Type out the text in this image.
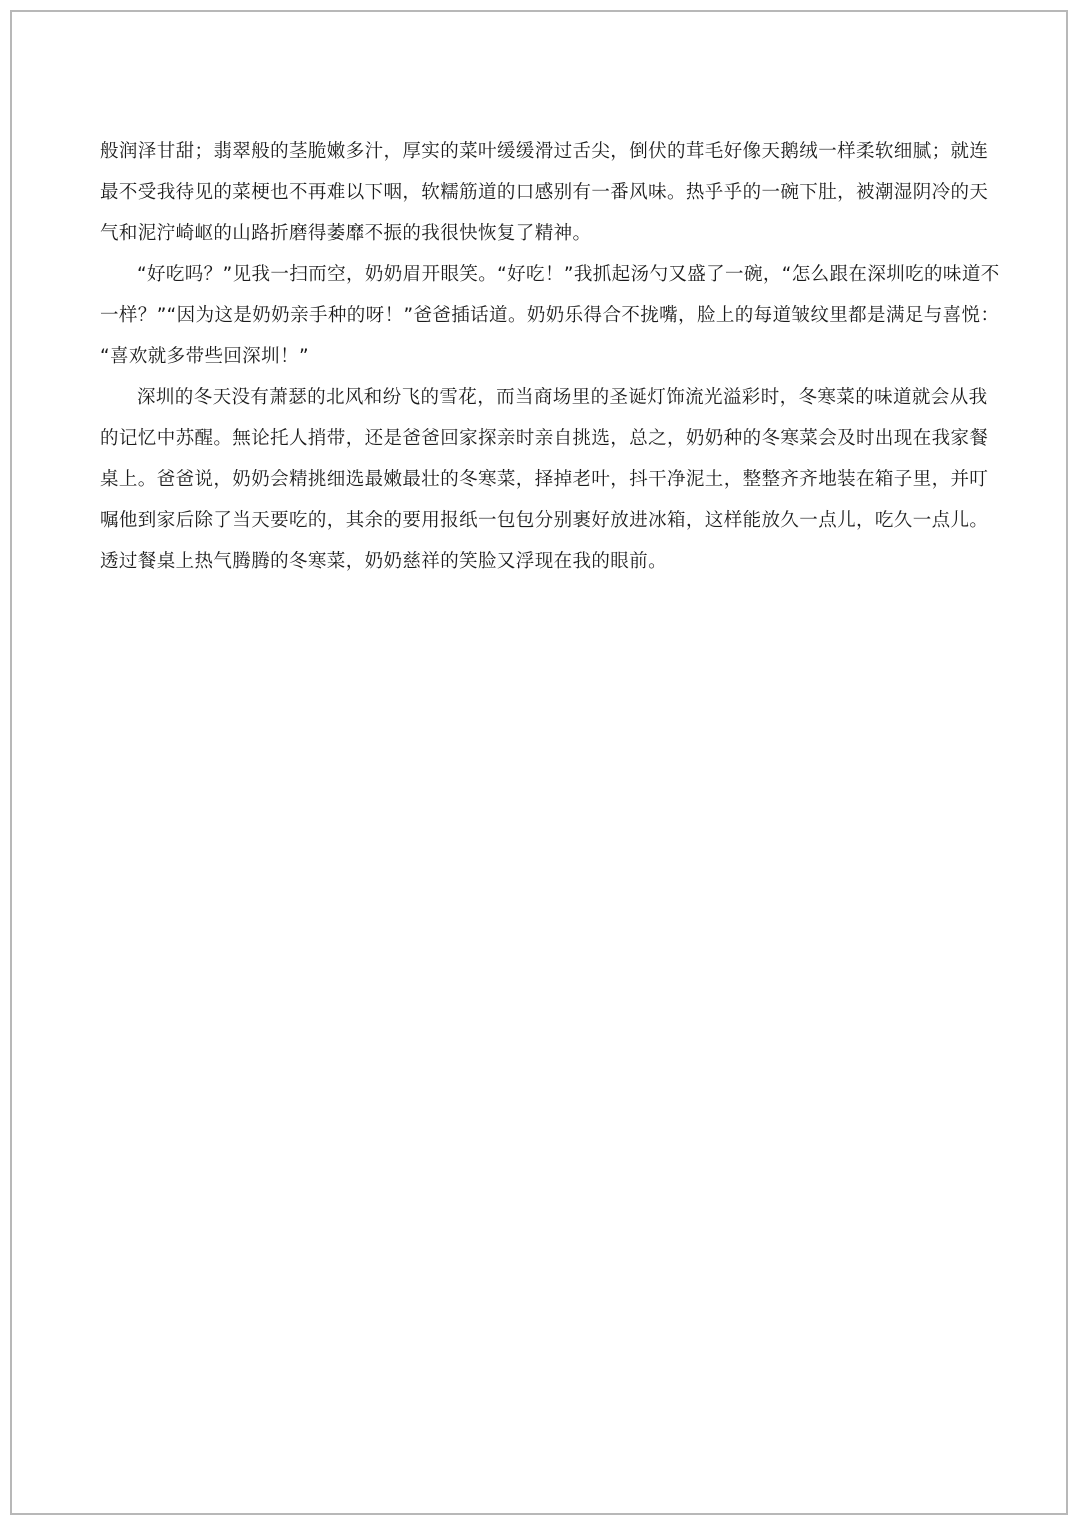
般润泽甘甜；翡翠般的茎脆嫩多汁，厚实的菜叶缓缓滑过舌尖，倒伏的茸毛好像天鹅绒一样柔软细腻；就连
最不受我待见的菜梗也不再难以下咽，软糯筋道的口感别有一番风味。热乎乎的一碗下肚，被潮湿阴冷的天
气和泥泞崎岖的山路折磨得萎靡不振的我很快恢复了精神。
“好吃吗？”见我一扫而空，奶奶眉开眼笑。“好吃！”我抓起汤勺又盛了一碗，“怎么跟在深圳吃的味道不
一样？”“因为这是奶奶亲手种的呀！”爸爸插话道。奶奶乐得合不拢嘴，脸上的每道皱纹里都是满足与喜悦：
“喜欢就多带些回深圳！”
深圳的冬天没有萧瑟的北风和纷飞的雪花，而当商场里的圣诞灯饰流光溢彩时，冬寒菜的味道就会从我
的记忆中苏醒。無论托人捎带，还是爸爸回家探亲时亲自挑选，总之，奶奶种的冬寒菜会及时出现在我家餐
桌上。爸爸说，奶奶会精挑细选最嫩最壮的冬寒菜，择掉老叶，抖干净泥土，整整齐齐地装在箱子里，并叮
嘱他到家后除了当天要吃的，其余的要用报纸一包包分别裹好放进冰箱，这样能放久一点儿，吃久一点儿。
透过餐桌上热气腾腾的冬寒菜，奶奶慈祥的笑脸又浮现在我的眼前。
